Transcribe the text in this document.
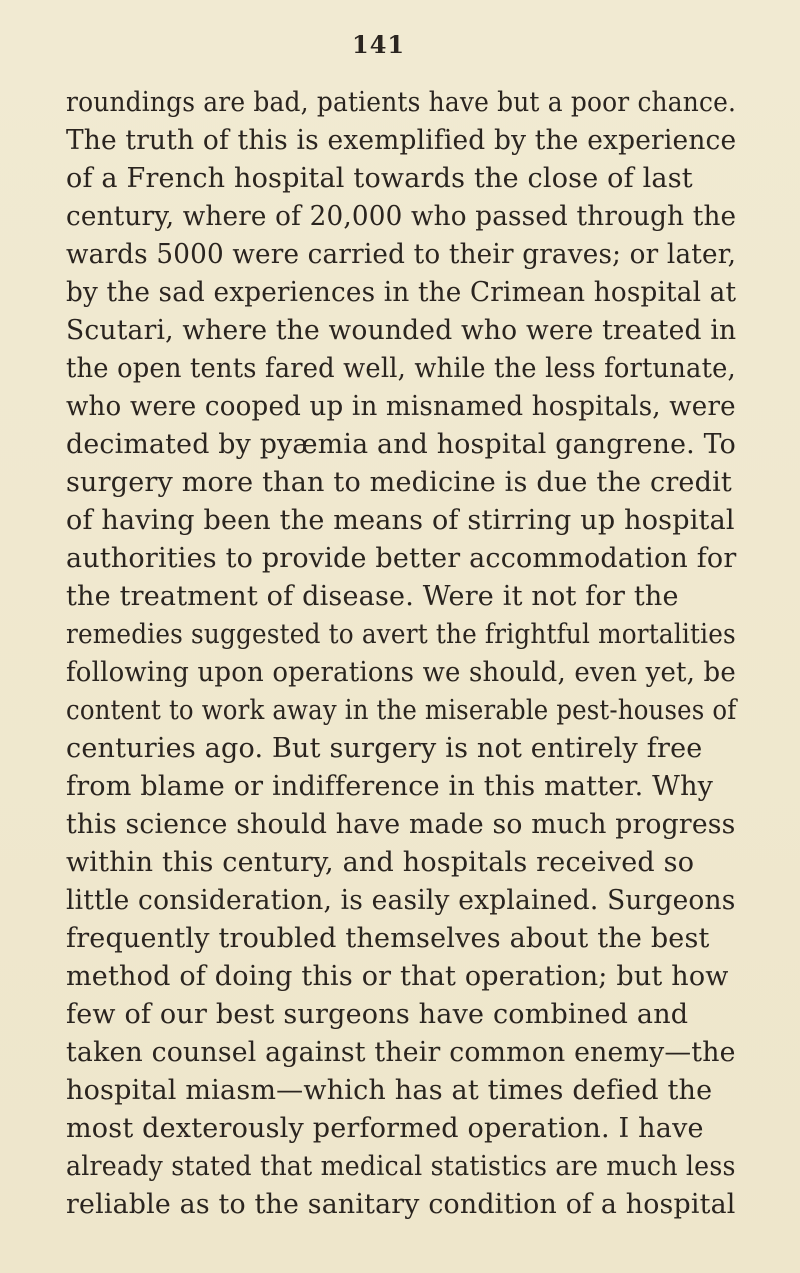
141
roundings are bad, patients have but a poor chance.
The truth of this is exemplified by the experience
of a French hospital towards the close of last
century, where of 20,000 who passed through the
wards 5000 were carried to their graves; or later,
by the sad experiences in the Crimean hospital at
Scutari, where the wounded who were treated in
the open tents fared well, while the less fortunate,
who were cooped up in misnamed hospitals, were
decimated by pyæmia and hospital gangrene. To
surgery more than to medicine is due the credit
of having been the means of stirring up hospital
authorities to provide better accommodation for
the treatment of disease. Were it not for the
remedies suggested to avert the frightful mortalities
following upon operations we should, even yet, be
content to work away in the miserable pest-houses of
centuries ago. But surgery is not entirely free
from blame or indifference in this matter. Why
this science should have made so much progress
within this century, and hospitals received so
little consideration, is easily explained. Surgeons
frequently troubled themselves about the best
method of doing this or that operation; but how
few of our best surgeons have combined and
taken counsel against their common enemy—the
hospital miasm—which has at times defied the
most dexterously performed operation. I have
already stated that medical statistics are much less
reliable as to the sanitary condition of a hospital
